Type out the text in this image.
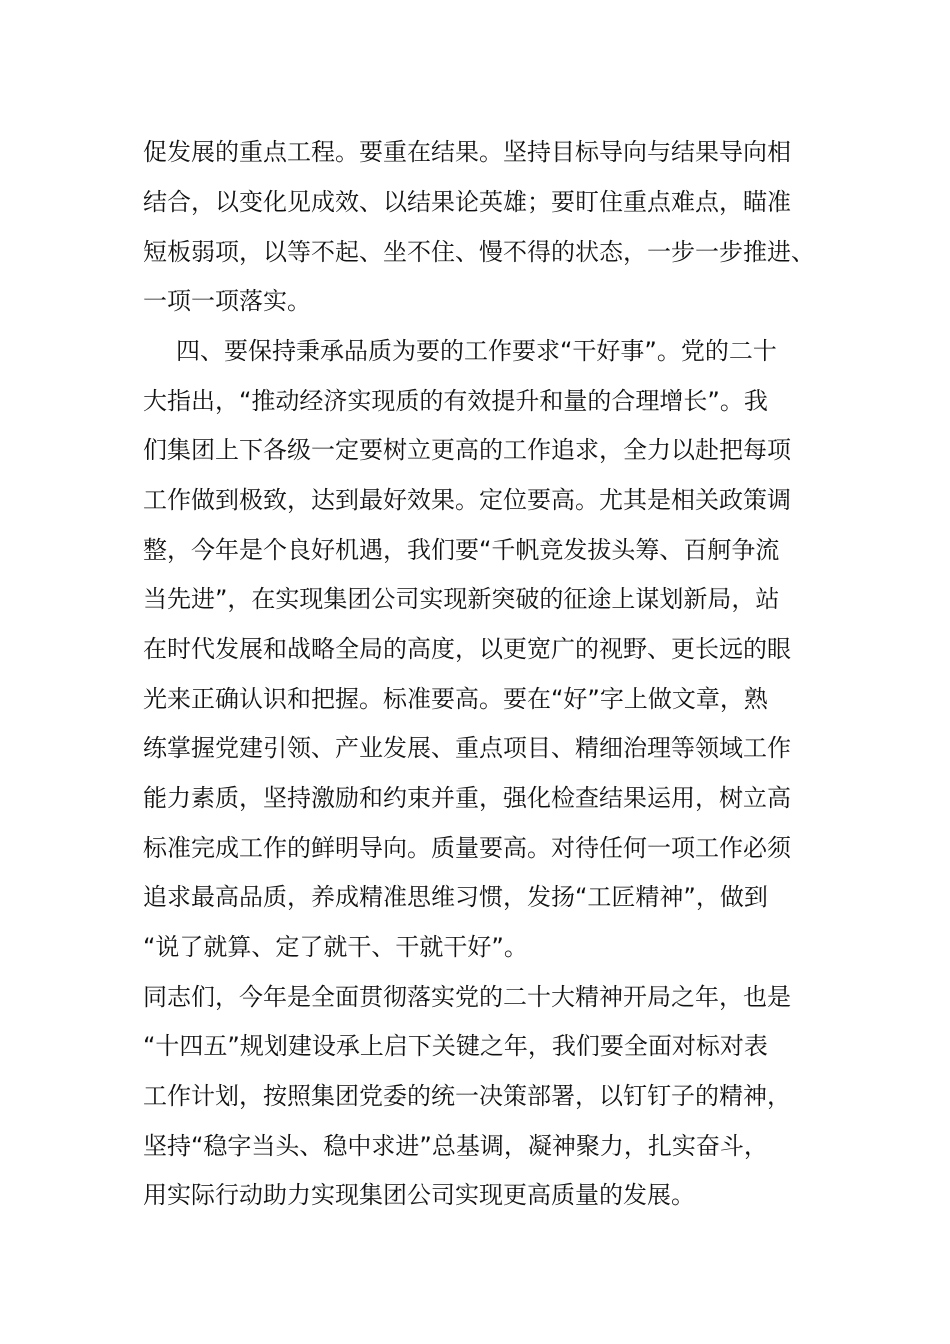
促发展的重点工程。要重在结果。坚持目标导向与结果导向相
结合，以变化见成效、以结果论英雄；要盯住重点难点，瞄准
短板弱项，以等不起、坐不住、慢不得的状态，一步一步推进、
一项一项落实。
四、要保持秉承品质为要的工作要求“干好事”。党的二十
大指出，“推动经济实现质的有效提升和量的合理增长”。我
们集团上下各级一定要树立更高的工作追求，全力以赴把每项
工作做到极致，达到最好效果。定位要高。尤其是相关政策调
整，今年是个良好机遇，我们要“千帆竞发拔头筹、百舸争流
当先进”，在实现集团公司实现新突破的征途上谋划新局，站
在时代发展和战略全局的高度，以更宽广的视野、更长远的眼
光来正确认识和把握。标准要高。要在“好”字上做文章，熟
练掌握党建引领、产业发展、重点项目、精细治理等领域工作
能力素质，坚持激励和约束并重，强化检查结果运用，树立高
标准完成工作的鲜明导向。质量要高。对待任何一项工作必须
追求最高品质，养成精准思维习惯，发扬“工匠精神”，做到
“说了就算、定了就干、干就干好”。
同志们，今年是全面贯彻落实党的二十大精神开局之年，也是
“十四五”规划建设承上启下关键之年，我们要全面对标对表
工作计划，按照集团党委的统一决策部署，以钉钉子的精神，
坚持“稳字当头、稳中求进”总基调，凝神聚力，扎实奋斗，
用实际行动助力实现集团公司实现更高质量的发展。
